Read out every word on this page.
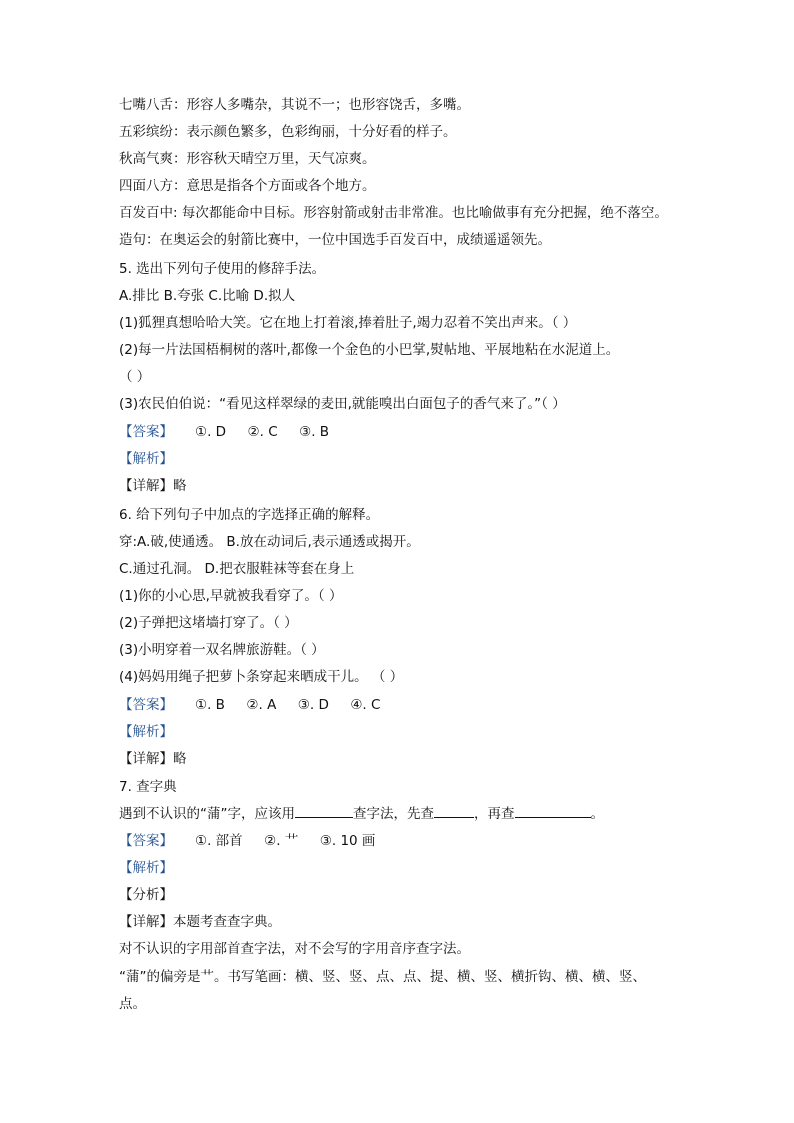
七嘴八舌：形容人多嘴杂，其说不一；也形容饶舌，多嘴。
五彩缤纷：表示颜色繁多，色彩绚丽，十分好看的样子。
秋高气爽：形容秋天晴空万里，天气凉爽。
四面八方：意思是指各个方面或各个地方。
百发百中: 每次都能命中目标。形容射箭或射击非常准。也比喻做事有充分把握，绝不落空。
造句：在奥运会的射箭比赛中，一位中国选手百发百中，成绩遥遥领先。
5. 选出下列句子使用的修辞手法。
A.排比 B.夸张 C.比喻 D.拟人
(1)狐狸真想哈哈大笑。它在地上打着滚,捧着肚子,竭力忍着不笑出声来。（ ）
(2)每一片法国梧桐树的落叶,都像一个金色的小巴掌,熨帖地、平展地粘在水泥道上。
（ ）
(3)农民伯伯说：“看见这样翠绿的麦田,就能嗅出白面包子的香气来了。”（ ）
【答案】 ①. D     ②. C     ③. B
【解析】
【详解】略
6. 给下列句子中加点的字选择正确的解释。
穿:A.破,使通透。 B.放在动词后,表示通透或揭开。
C.通过孔洞。 D.把衣服鞋袜等套在身上
(1)你的小心思,早就被我看穿了。（ ）
(2)子弹把这堵墙打穿了。（ ）
(3)小明穿着一双名牌旅游鞋。（ ）
(4)妈妈用绳子把萝卜条穿起来晒成干儿。 （ ）
【答案】 ①. B     ②. A     ③. D     ④. C
【解析】
【详解】略
7. 查字典
遇到不认识的“蒲”字，应该用	查字法，先查	，再查	。
【答案】 ①. 部首     ②. 艹     ③. 10 画
【解析】
【分析】
【详解】本题考查查字典。
对不认识的字用部首查字法，对不会写的字用音序查字法。
“蒲”的偏旁是艹。书写笔画：横、竖、竖、点、点、提、横、竖、横折钩、横、横、竖、
点。
